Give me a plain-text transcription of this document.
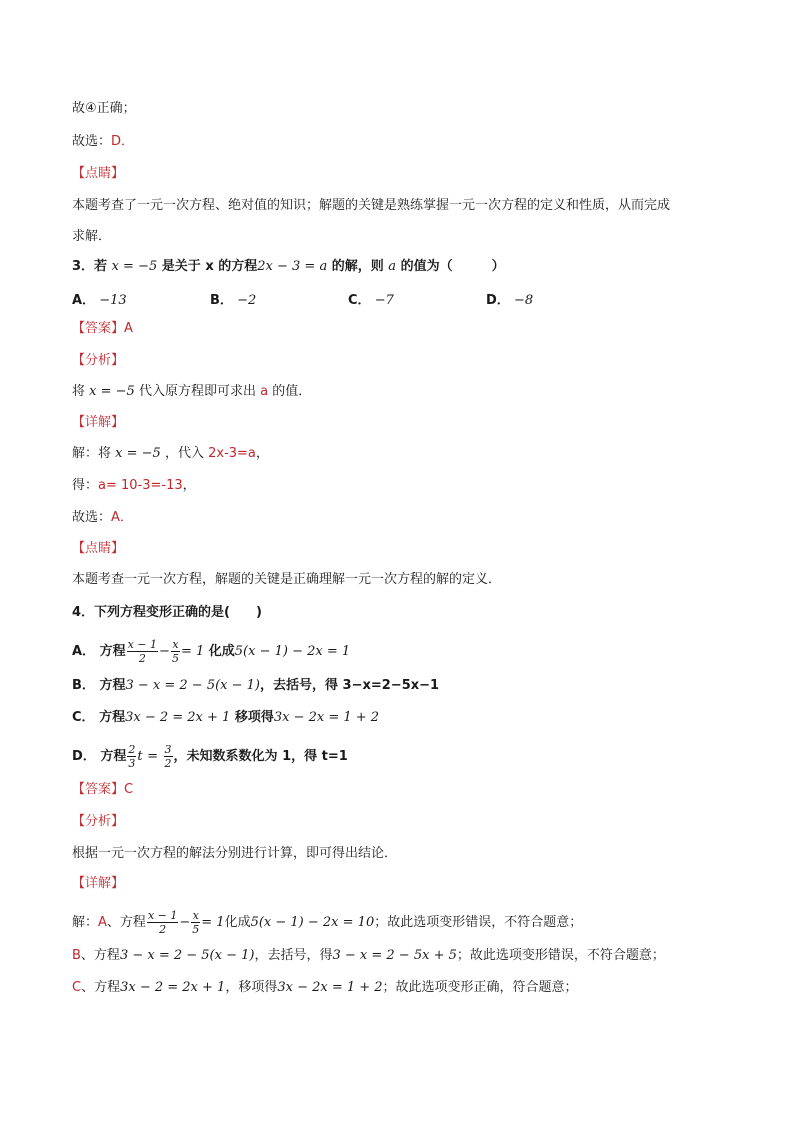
故④正确；
故选：D．
【点睛】
本题考查了一元一次方程、绝对值的知识；解题的关键是熟练掌握一元一次方程的定义和性质，从而完成
求解．
3．若 x = −5 是关于 x 的方程2x − 3 = a 的解，则 a 的值为（　　　）
A． −13	B． −2	C． −7	D． −8
【答案】A
【分析】
将 x = −5 代入原方程即可求出 a 的值．
【详解】
解：将 x = −5 ，代入 2x-3=a，
得：a= 10-3=-13，
故选：A．
【点睛】
本题考查一元一次方程，解题的关键是正确理解一元一次方程的解的定义．
4．下列方程变形正确的是(　　)
A． 方程 $\frac{x - 1}{2} - \frac{x}{5} = 1$ 化成5(x − 1) − 2x = 1
B． 方程3 − x = 2 − 5(x − 1)，去括号，得 3−x=2−5x−1
C． 方程3x − 2 = 2x + 1 移项得3x − 2x = 1 + 2
D． 方程 $\frac{2}{3}$ $t = \frac{3}{2}$ ，未知数系数化为 1，得 t=1
【答案】C
【分析】
根据一元一次方程的解法分别进行计算，即可得出结论．
【详解】
解：A、方程 $\frac{x - 1}{2} - \frac{x}{5} = 1$化成5(x − 1) − 2x = 10；故此选项变形错误，不符合题意；
B、方程3 − x = 2 − 5(x − 1)，去括号，得3 − x = 2 − 5x + 5；故此选项变形错误，不符合题意；
C、方程3x − 2 = 2x + 1，移项得3x − 2x = 1 + 2；故此选项变形正确，符合题意；
